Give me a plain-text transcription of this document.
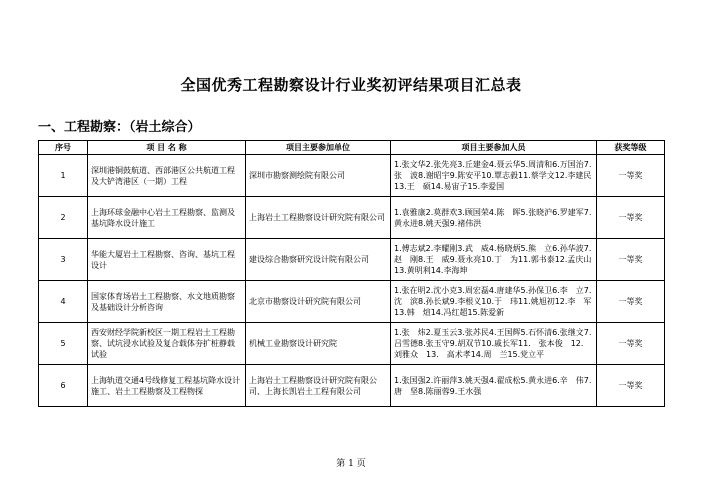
全国优秀工程勘察设计行业奖初评结果项目汇总表
一、工程勘察：（岩土综合）
序号	项 目 名 称	项目主要参加单位	项目主要参加人员	获奖等级
1	深圳港铜鼓航道、西部港区公共航道工程及大铲湾港区（一期）工程	深圳市勘察测绘院有限公司	1.张文华2.张先亮3.丘建金4.聂云华5.周清和6.万国治7.张　波8.谢昭宇9.陈安平10.覃志毅11.蔡学文12.李建民13.王　硕14.易宙子15.李爱国	一等奖
2	上海环球金融中心岩土工程勘察、监测及基坑降水设计施工	上海岩土工程勘察设计研究院有限公司	1.袁雅康2.莫群欢3.顾国荣4.陈　晖5.张晓沪6.罗建军7.黄永进8.姚天强9.褚伟洪	一等奖
3	华能大厦岩土工程勘察、咨询、基坑工程设计	建设综合勘察研究设计院有限公司	1.傅志斌2.李耀刚3.武　威4.杨晓炳5.熊　立6.孙华波7.赵　刚8.王　威9.聂永亮10.丁　为11.郭书泰12.孟庆山13.黄明利14.李海坤	一等奖
4	国家体育场岩土工程勘察、水文地质勘察及基础设计分析咨询	北京市勘察设计研究院有限公司	1.张在明2.沈小克3.周宏磊4.唐建华5.孙保卫6.李　立7.沈　滨8.孙长斌9.李根义10.于　玮11.姚旭初12.李　军13.韩　煊14.冯红超15.陈爱新	一等奖
5	西安财经学院新校区一期工程岩土工程勘察、试坑浸水试验及复合载体夯扩桩静载试验	机械工业勘察设计研究院	1.张　炜2.夏玉云3.张苏民4.王国辉5.石怀清6.张继文7.吕雪德8.张玉守9.胡双节10.戚长军11.　张本俊　12.　刘雅众　13.　高术孝14.周　兰15.党立平	一等奖
6	上海轨道交通4号线修复工程基坑降水设计施工、岩土工程勘察及工程物探	上海岩土工程勘察设计研究院有限公司、上海长凯岩土工程有限公司	1.张国强2.许丽萍3.姚天强4.翟成松5.黄永进6.辛　伟7.唐　坚8.陈丽蓉9.王水强	一等奖
第 1 页
